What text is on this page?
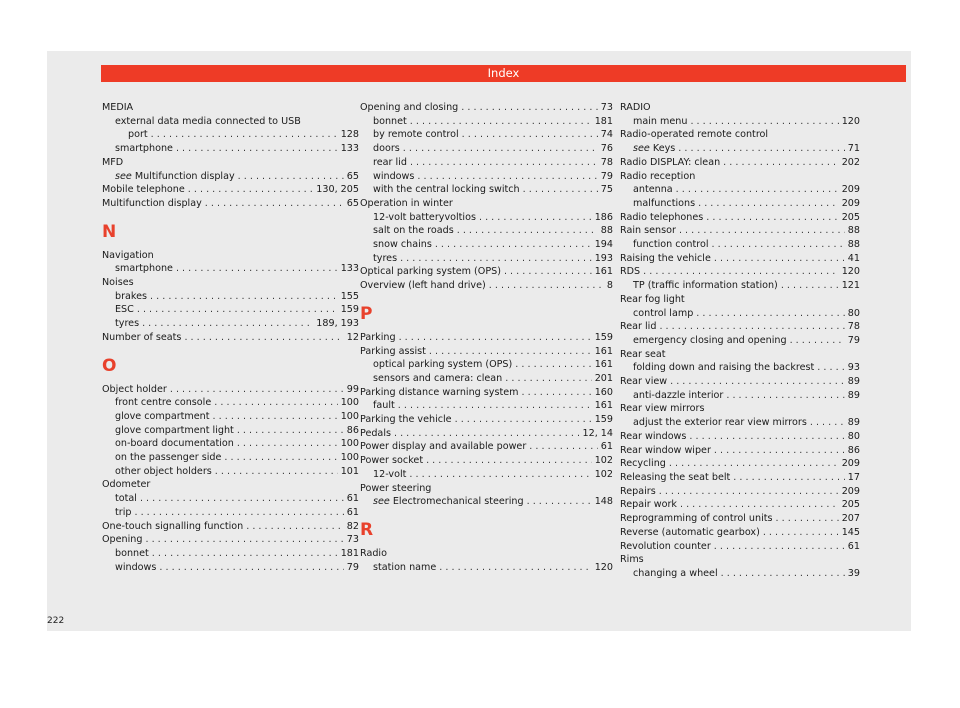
Index
MEDIA
external data media connected to USB
port . . .	128
smartphone . . .	133
MFD
see Multifunction display . . .	65
Mobile telephone . . .	130, 205
Multifunction display . . .	65
N
Navigation
smartphone . . .	133
Noises
brakes . . .	155
ESC . . .	159
tyres . . .	189, 193
Number of seats . . .	12
O
Object holder . . .	99
front centre console . . .	100
glove compartment . . .	100
glove compartment light . . .	86
on-board documentation . . .	100
on the passenger side . . .	100
other object holders . . .	101
Odometer
total . . .	61
trip . . .	61
One-touch signalling function . . .	82
Opening . . .	73
bonnet . . .	181
windows . . .	79
Opening and closing . . .	73
bonnet . . .	181
by remote control . . .	74
doors . . .	76
rear lid . . .	78
windows . . .	79
with the central locking switch . . .	75
Operation in winter
12-volt batteryvoltios . . .	186
salt on the roads . . .	88
snow chains . . .	194
tyres . . .	193
Optical parking system (OPS) . . .	161
Overview (left hand drive) . . .	8
P
Parking . . .	159
Parking assist . . .	161
optical parking system (OPS) . . .	161
sensors and camera: clean . . .	201
Parking distance warning system . . .	160
fault . . .	161
Parking the vehicle . . .	159
Pedals . . .	12, 14
Power display and available power . . .	61
Power socket . . .	102
12-volt . . .	102
Power steering
see Electromechanical steering . . .	148
R
Radio
station name . . .	120
RADIO
main menu . . .	120
Radio-operated remote control
see Keys . . .	71
Radio DISPLAY: clean . . .	202
Radio reception
antenna . . .	209
malfunctions . . .	209
Radio telephones . . .	205
Rain sensor . . .	88
function control . . .	88
Raising the vehicle . . .	41
RDS . . .	120
TP (traffic information station) . . .	121
Rear fog light
control lamp . . .	80
Rear lid . . .	78
emergency closing and opening . . .	79
Rear seat
folding down and raising the backrest . . .	93
Rear view . . .	89
anti-dazzle interior . . .	89
Rear view mirrors
adjust the exterior rear view mirrors . . .	89
Rear windows . . .	80
Rear window wiper . . .	86
Recycling . . .	209
Releasing the seat belt . . .	17
Repairs . . .	209
Repair work . . .	205
Reprogramming of control units . . .	207
Reverse (automatic gearbox) . . .	145
Revolution counter . . .	61
Rims
changing a wheel . . .	39
222
